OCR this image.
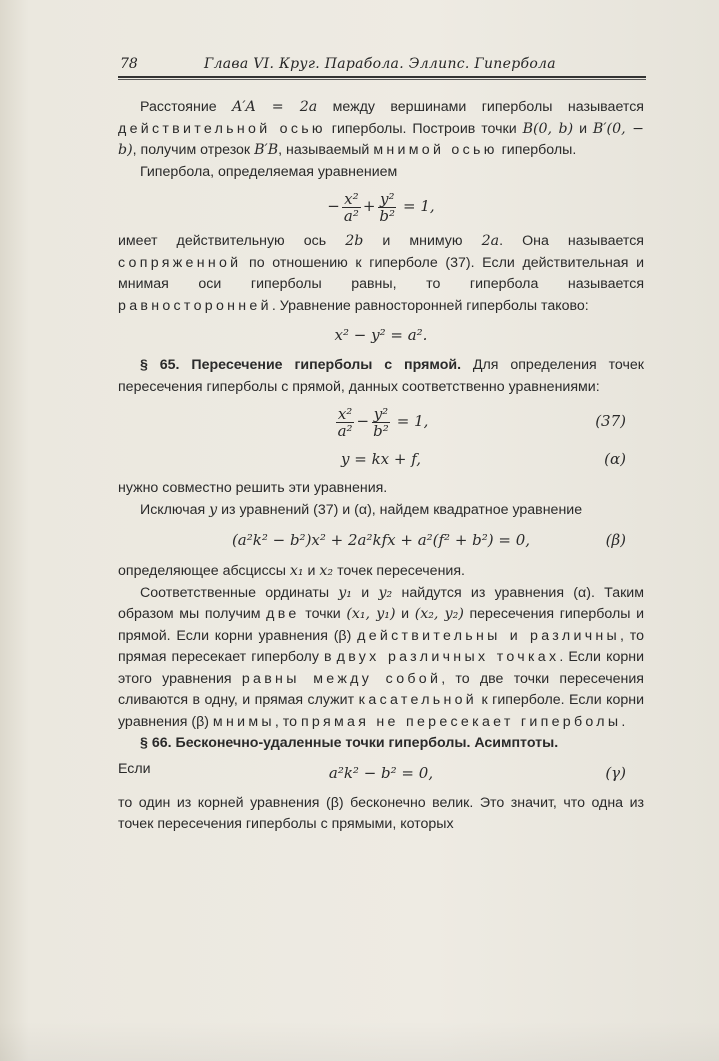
78	Глава VI. Круг. Парабола. Эллипс. Гипербола

Расстояние A′A = 2a между вершинами гиперболы называется действительной осью гиперболы. Построив точки B(0, b) и B′(0, − b), получим отрезок B′B, называемый мнимой осью гиперболы.

Гипербола, определяемая уравнением

− $\frac{\text{x²}}{\text{a²}} + \frac{\text{y²}}{\text{b²}} = 1$,

имеет действительную ось 2b и мнимую 2a. Она называется сопряженной по отношению к гиперболе (37). Если действительная и мнимая оси гиперболы равны, то гипербола называется равносторонней. Уравнение равносторонней гиперболы таково:

x² − y² = a².

§ 65. Пересечение гиперболы с прямой. Для определения точек пересечения гиперболы с прямой, данных соответственно уравнениями:

$\frac{\text{x²}}{\text{a²}} - \frac{\text{y²}}{\text{b²}} = 1$,	(37)
y = kx + f,	(α)

нужно совместно решить эти уравнения.

Исключая y из уравнений (37) и (α), найдем квадратное уравнение

(a²k² − b²)x² + 2a²kfx + a²(f² + b²) = 0,	(β)

определяющее абсциссы x₁ и x₂ точек пересечения.

Соответственные ординаты y₁ и y₂ найдутся из уравнения (α). Таким образом мы получим две точки (x₁, y₁) и (x₂, y₂) пересечения гиперболы и прямой. Если корни уравнения (β) действительны и различны, то прямая пересекает гиперболу в двух различных точках. Если корни этого уравнения равны между собой, то две точки пересечения сливаются в одну, и прямая служит касательной к гиперболе. Если корни уравнения (β) мнимы, то прямая не пересекает гиперболы.

§ 66. Бесконечно-удаленные точки гиперболы. Асимптоты.

Если	a²k² − b² = 0,	(γ)

то один из корней уравнения (β) бесконечно велик. Это значит, что одна из точек пересечения гиперболы с прямыми, которых
